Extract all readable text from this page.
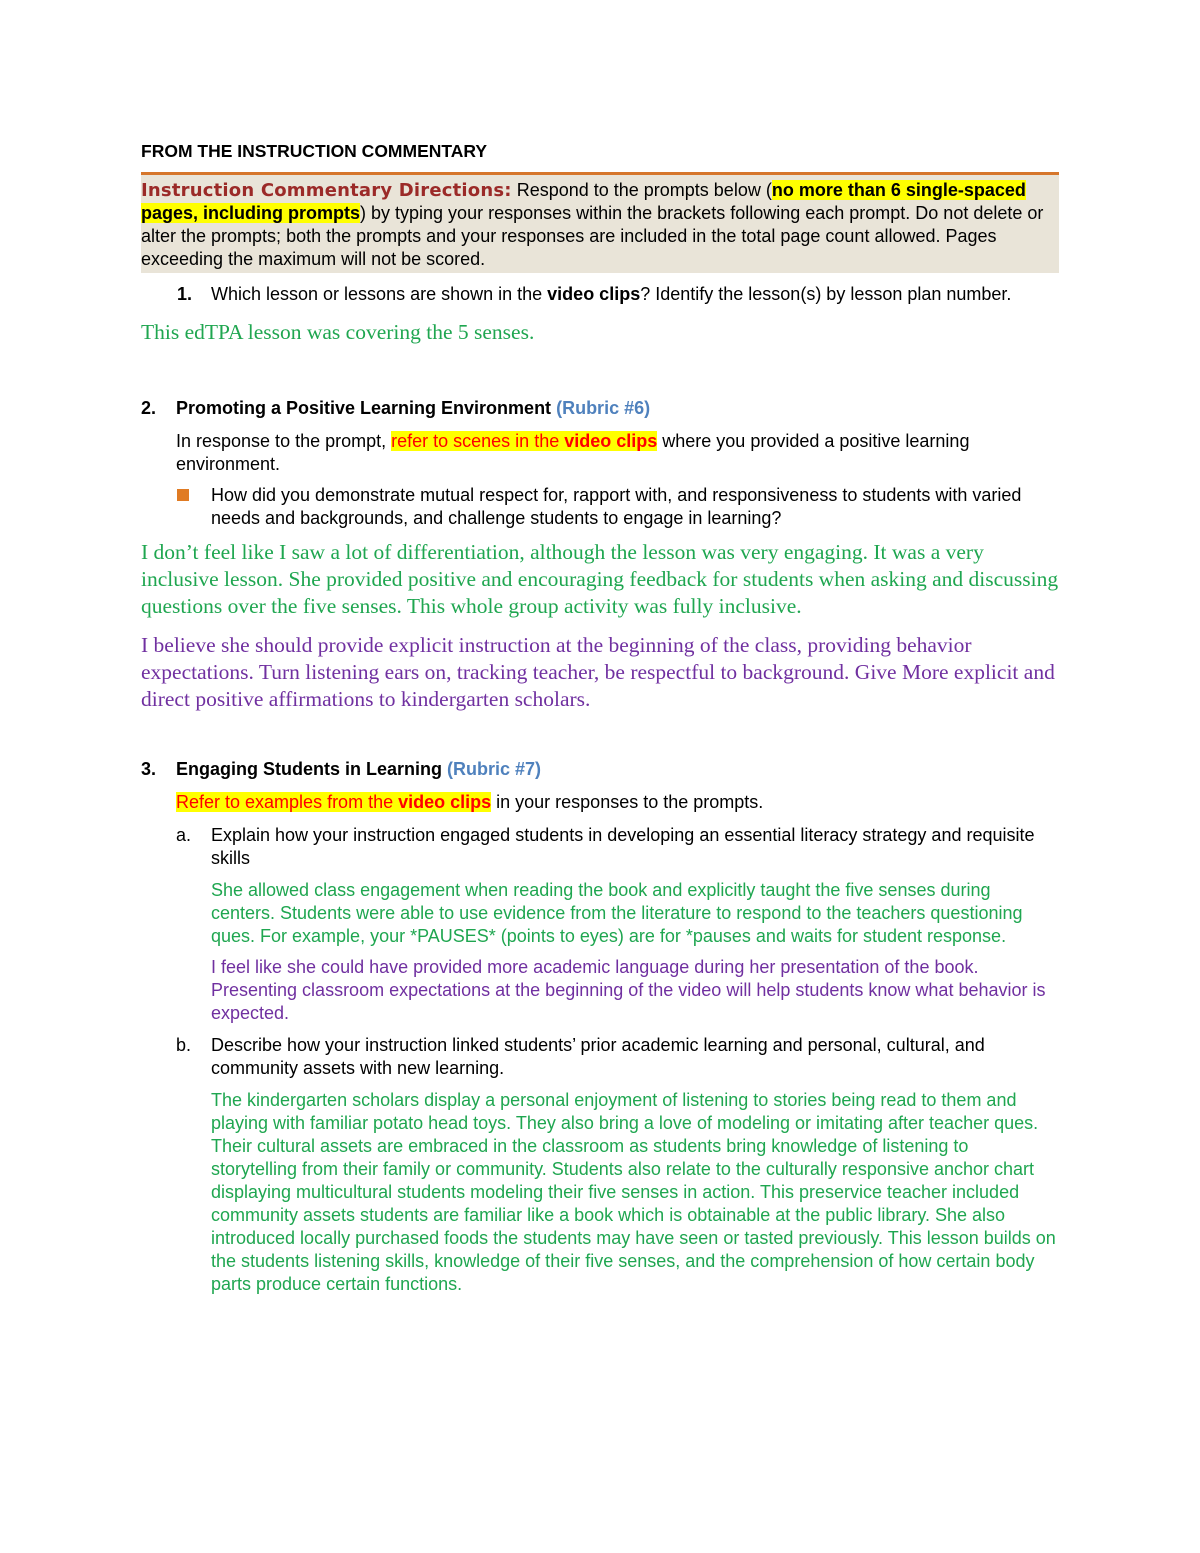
FROM THE INSTRUCTION COMMENTARY
Instruction Commentary Directions: Respond to the prompts below (no more than 6 single-spaced pages, including prompts) by typing your responses within the brackets following each prompt. Do not delete or alter the prompts; both the prompts and your responses are included in the total page count allowed. Pages exceeding the maximum will not be scored.
1. Which lesson or lessons are shown in the video clips? Identify the lesson(s) by lesson plan number.
This edTPA lesson was covering the 5 senses.
2. Promoting a Positive Learning Environment (Rubric #6)
In response to the prompt, refer to scenes in the video clips where you provided a positive learning environment.
How did you demonstrate mutual respect for, rapport with, and responsiveness to students with varied needs and backgrounds, and challenge students to engage in learning?
I don’t feel like I saw a lot of differentiation, although the lesson was very engaging. It was a very inclusive lesson. She provided positive and encouraging feedback for students when asking and discussing questions over the five senses. This whole group activity was fully inclusive.
I believe she should provide explicit instruction at the beginning of the class, providing behavior expectations. Turn listening ears on, tracking teacher, be respectful to background. Give More explicit and direct positive affirmations to kindergarten scholars.
3. Engaging Students in Learning (Rubric #7)
Refer to examples from the video clips in your responses to the prompts.
a. Explain how your instruction engaged students in developing an essential literacy strategy and requisite skills
She allowed class engagement when reading the book and explicitly taught the five senses during centers. Students were able to use evidence from the literature to respond to the teachers questioning ques. For example, your *PAUSES* (points to eyes) are for *pauses and waits for student response.
I feel like she could have provided more academic language during her presentation of the book. Presenting classroom expectations at the beginning of the video will help students know what behavior is expected.
b. Describe how your instruction linked students’ prior academic learning and personal, cultural, and community assets with new learning.
The kindergarten scholars display a personal enjoyment of listening to stories being read to them and playing with familiar potato head toys. They also bring a love of modeling or imitating after teacher ques. Their cultural assets are embraced in the classroom as students bring knowledge of listening to storytelling from their family or community. Students also relate to the culturally responsive anchor chart displaying multicultural students modeling their five senses in action. This preservice teacher included community assets students are familiar like a book which is obtainable at the public library. She also introduced locally purchased foods the students may have seen or tasted previously. This lesson builds on the students listening skills, knowledge of their five senses, and the comprehension of how certain body parts produce certain functions.
